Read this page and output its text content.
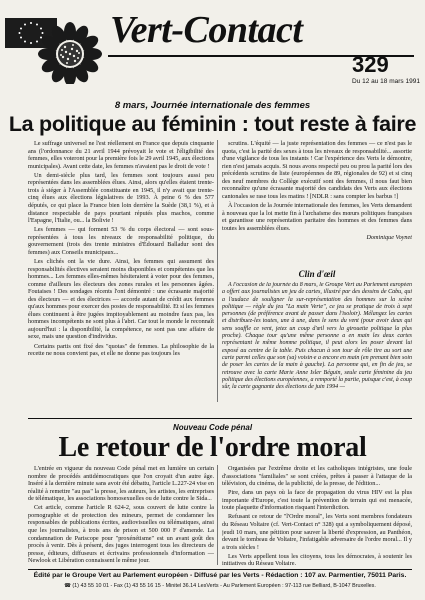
Vert-Contact
329
Du 12 au 18 mars 1991
8 mars, Journée internationale des femmes
La politique au féminin : tout reste à faire

Le suffrage universel ne l'est réellement en France que depuis cinquante ans (l'ordonnance du 21 avril 1944 prévoyait le vote et l'éligibilité des femmes, elles voteront pour la première fois le 29 avril 1945, aux élections municipales). Avant cette date, les femmes n'avaient pas le droit de vote !

Un demi-siècle plus tard, les femmes sont toujours aussi peu représentées dans les assemblées élues. Ainsi, alors qu'elles étaient trente-trois à siéger à l'Assemblée constituante en 1945, il n'y avait que trente-cinq élues aux élections législatives de 1993. À peine 6 % des 577 députés, ce qui place la France bien loin derrière la Suède (38,1 %), et à distance respectable de pays pourtant réputés plus machos, comme l'Espagne, l'Italie, ou... la Bolivie !

Les femmes — qui forment 53 % du corps électoral — sont sous-représentées à tous les niveaux de responsabilité politique, du gouvernement (trois des trente ministres d'Édouard Balladur sont des femmes) aux Conseils municipaux...

Les clichés ont la vie dure. Ainsi, les femmes qui assument des responsabilités électives seraient moins disponibles et compétentes que les hommes... Les femmes elles-mêmes hésiteraient à voter pour des femmes, comme d'ailleurs les électeurs des zones rurales et les personnes âgées. Foutaises ! Des sondages récents l'ont démontré : une écrasante majorité des électeurs — et des électrices — accorde autant de crédit aux femmes qu'aux hommes pour exercer des postes de responsabilité. Et si les femmes élues continuent à être jugées impitoyablement au moindre faux pas, les hommes incompétents ne sont plus à l'abri. Car tout le monde le reconnaît aujourd'hui : la disponibilité, la compétence, ne sont pas une affaire de sexe, mais une question d'individus.

Certains partis ont fixé des "quotas" de femmes. La philosophie de la recette ne nous convient pas, et elle ne donne pas toujours les

scrutins. L'équité — la juste représentation des femmes — ce n'est pas le quota, c'est la parité des sexes à tous les niveaux de responsabilité... assortie d'une vigilance de tous les instants ! Car l'expérience des Verts le démontre, rien n'est jamais acquis. Si nous avons respecté peu ou prou la parité lors des précédents scrutins de liste (européennes de 89, régionales de 92) et si cinq des neuf membres du Collège exécutif sont des femmes, il nous faut bien reconnaître qu'une écrasante majorité des candidats des Verts aux élections cantonales se rase tous les matins ! [NDLR : sans compter les barbus !]

À l'occasion de la Journée internationale des femmes, les Verts demandent à nouveau que la loi mette fin à l'archaïsme des mœurs politiques françaises et garantisse une représentation paritaire des hommes et des femmes dans toutes les assemblées élues.

Dominique Voynet
Clin d'œil

À l'occasion de la journée du 8 mars, le Groupe Vert au Parlement européen a offert aux journalistes un jeu de cartes, illustré par des dessins de Cabu, qui a l'audace de souligner la sur-représentation des hommes sur la scène politique — règle du jeu "La main Verte", ce jeu se pratique de trois à sept personnes (de préférence avant de passer dans l'isoloir). Mélangez les cartes et distribuez-les toutes, une à une, dans le sens du vent (pour avoir deux qui sens souffle ce vent, jetez un coup d'œil vers la girouette politique la plus proche). Chaque tour qu'une même personne a en main les deux cartes représentant le même homme politique, il peut alors les poser devant lui exposé au centre de la table. Puis chacun à son tour de rôle tire au sort une carte parmi celles que son (sa) voisin·e a encore en main (en prenant bien soin de poser les cartes de la main à gauche). La personne qui, en fin de jeu, se retrouve avec la carte Marie Anne Isler Béguin, seule carte féminine du jeu politique des élections européennes, a remporté la partie, puisque c'est, à coup sûr, la carte gagnante des élections de juin 1994 —

Nouveau Code pénal
Le retour de l'ordre moral

L'entrée en vigueur du nouveau Code pénal met en lumière un certain nombre de procédés antidémocratiques que l'on croyait d'un autre âge. Inséré à la dernière minute sans avoir été débattu, l'article L.227-24 vise en réalité à remettre "au pas" la presse, les auteurs, les artistes, les entreprises de télématique, les associations homosexuelles ou de lutte contre le Sida...

Cet article, comme l'article R 624-2, sous couvert de lutte contre la pornographie et de protection des mineurs, permet de condamner les responsables de publications écrites, audiovisuelles ou télématiques, ainsi que les journalistes, à trois ans de prison et 500 000 F d'amende. La condamnation de Pariscope pour "proxénétisme" est un avant goût des procès à venir. Dès à présent, des juges interrogent tous les directeurs de presse, éditeurs, diffuseurs et écrivains professionnels d'information — Newlook et Libération connaissent le même jour.

Organisées par l'extrême droite et les catholiques intégristes, une foule d'associations "familiales" se sont créées, prêtes à passer à l'attaque de la télévision, du cinéma, de la publicité, de la presse, de l'édition...

Pire, dans un pays où la face de propagation du virus HIV est la plus importante d'Europe, c'est toute la prévention de terrain qui est menacée, toute plaquette d'information risquant l'interdiction.

Refusant ce retour de "l'Ordre moral", les Verts sont membres fondateurs du Réseau Voltaire (cf. Vert-Contact n° 328) qui a symboliquement déposé, jeudi 10 mars, une pétition pour sauver la liberté d'expression, au Panthéon, devant le tombeau de Voltaire, l'infatigable adversaire de l'ordre moral... Il y a trois siècles !

Les Verts appellent tous les citoyens, tous les démocrates, à soutenir les initiatives du Réseau Voltaire.

Édité par le Groupe Vert au Parlement européen - Diffusé par les Verts - Rédaction : 107 av. Parmentier, 75011 Paris.
☎ (1) 43 55 10 01 - Fax (1) 43 55 16 15 - Minitel 36.14 LesVerts - Au Parlement Européen : 97-113 rue Belliard, B-1047 Bruxelles.
